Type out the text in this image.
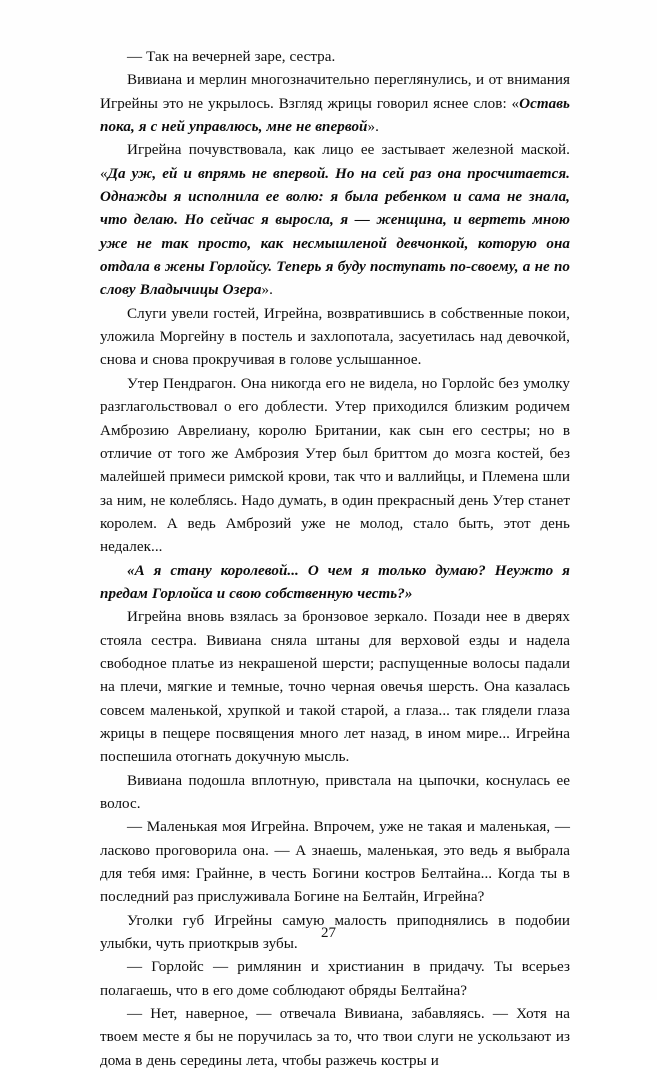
— Так на вечерней заре, сестра.

Вивиана и мерлин многозначительно переглянулись, и от внимания Игрейны это не укрылось. Взгляд жрицы говорил яснее слов: «Оставь пока, я с ней управлюсь, мне не впервой».

Игрейна почувствовала, как лицо ее застывает железной маской. «Да уж, ей и впрямь не впервой. Но на сей раз она просчитается. Однажды я исполнила ее волю: я была ребенком и сама не знала, что делаю. Но сейчас я выросла, я — женщина, и вертеть мною уже не так просто, как несмышленой девчонкой, которую она отдала в жены Горлойсу. Теперь я буду поступать по-своему, а не по слову Владычицы Озера».

Слуги увели гостей, Игрейна, возвратившись в собственные покои, уложила Моргейну в постель и захлопотала, засуетилась над девочкой, снова и снова прокручивая в голове услышанное.

Утер Пендрагон. Она никогда его не видела, но Горлойс без умолку разглагольствовал о его доблести. Утер приходился близким родичем Амброзию Аврелиану, королю Британии, как сын его сестры; но в отличие от того же Амброзия Утер был бриттом до мозга костей, без малейшей примеси римской крови, так что и валлийцы, и Племена шли за ним, не колеблясь. Надо думать, в один прекрасный день Утер станет королем. А ведь Амброзий уже не молод, стало быть, этот день недалек...

«А я стану королевой... О чем я только думаю? Неужто я предам Горлойса и свою собственную честь?»

Игрейна вновь взялась за бронзовое зеркало. Позади нее в дверях стояла сестра. Вивиана сняла штаны для верховой езды и надела свободное платье из некрашеной шерсти; распущенные волосы падали на плечи, мягкие и темные, точно черная овечья шерсть. Она казалась совсем маленькой, хрупкой и такой старой, а глаза... так глядели глаза жрицы в пещере посвящения много лет назад, в ином мире... Игрейна поспешила отогнать докучную мысль.

Вивиана подошла вплотную, привстала на цыпочки, коснулась ее волос.

— Маленькая моя Игрейна. Впрочем, уже не такая и маленькая, — ласково проговорила она. — А знаешь, маленькая, это ведь я выбрала для тебя имя: Грайнне, в честь Богини костров Белтайна... Когда ты в последний раз прислуживала Богине на Белтайн, Игрейна?

Уголки губ Игрейны самую малость приподнялись в подобии улыбки, чуть приоткрыв зубы.

— Горлойс — римлянин и христианин в придачу. Ты всерьез полагаешь, что в его доме соблюдают обряды Белтайна?

— Нет, наверное, — отвечала Вивиана, забавляясь. — Хотя на твоем месте я бы не поручилась за то, что твои слуги не ускользают из дома в день середины лета, чтобы разжечь костры и

27
